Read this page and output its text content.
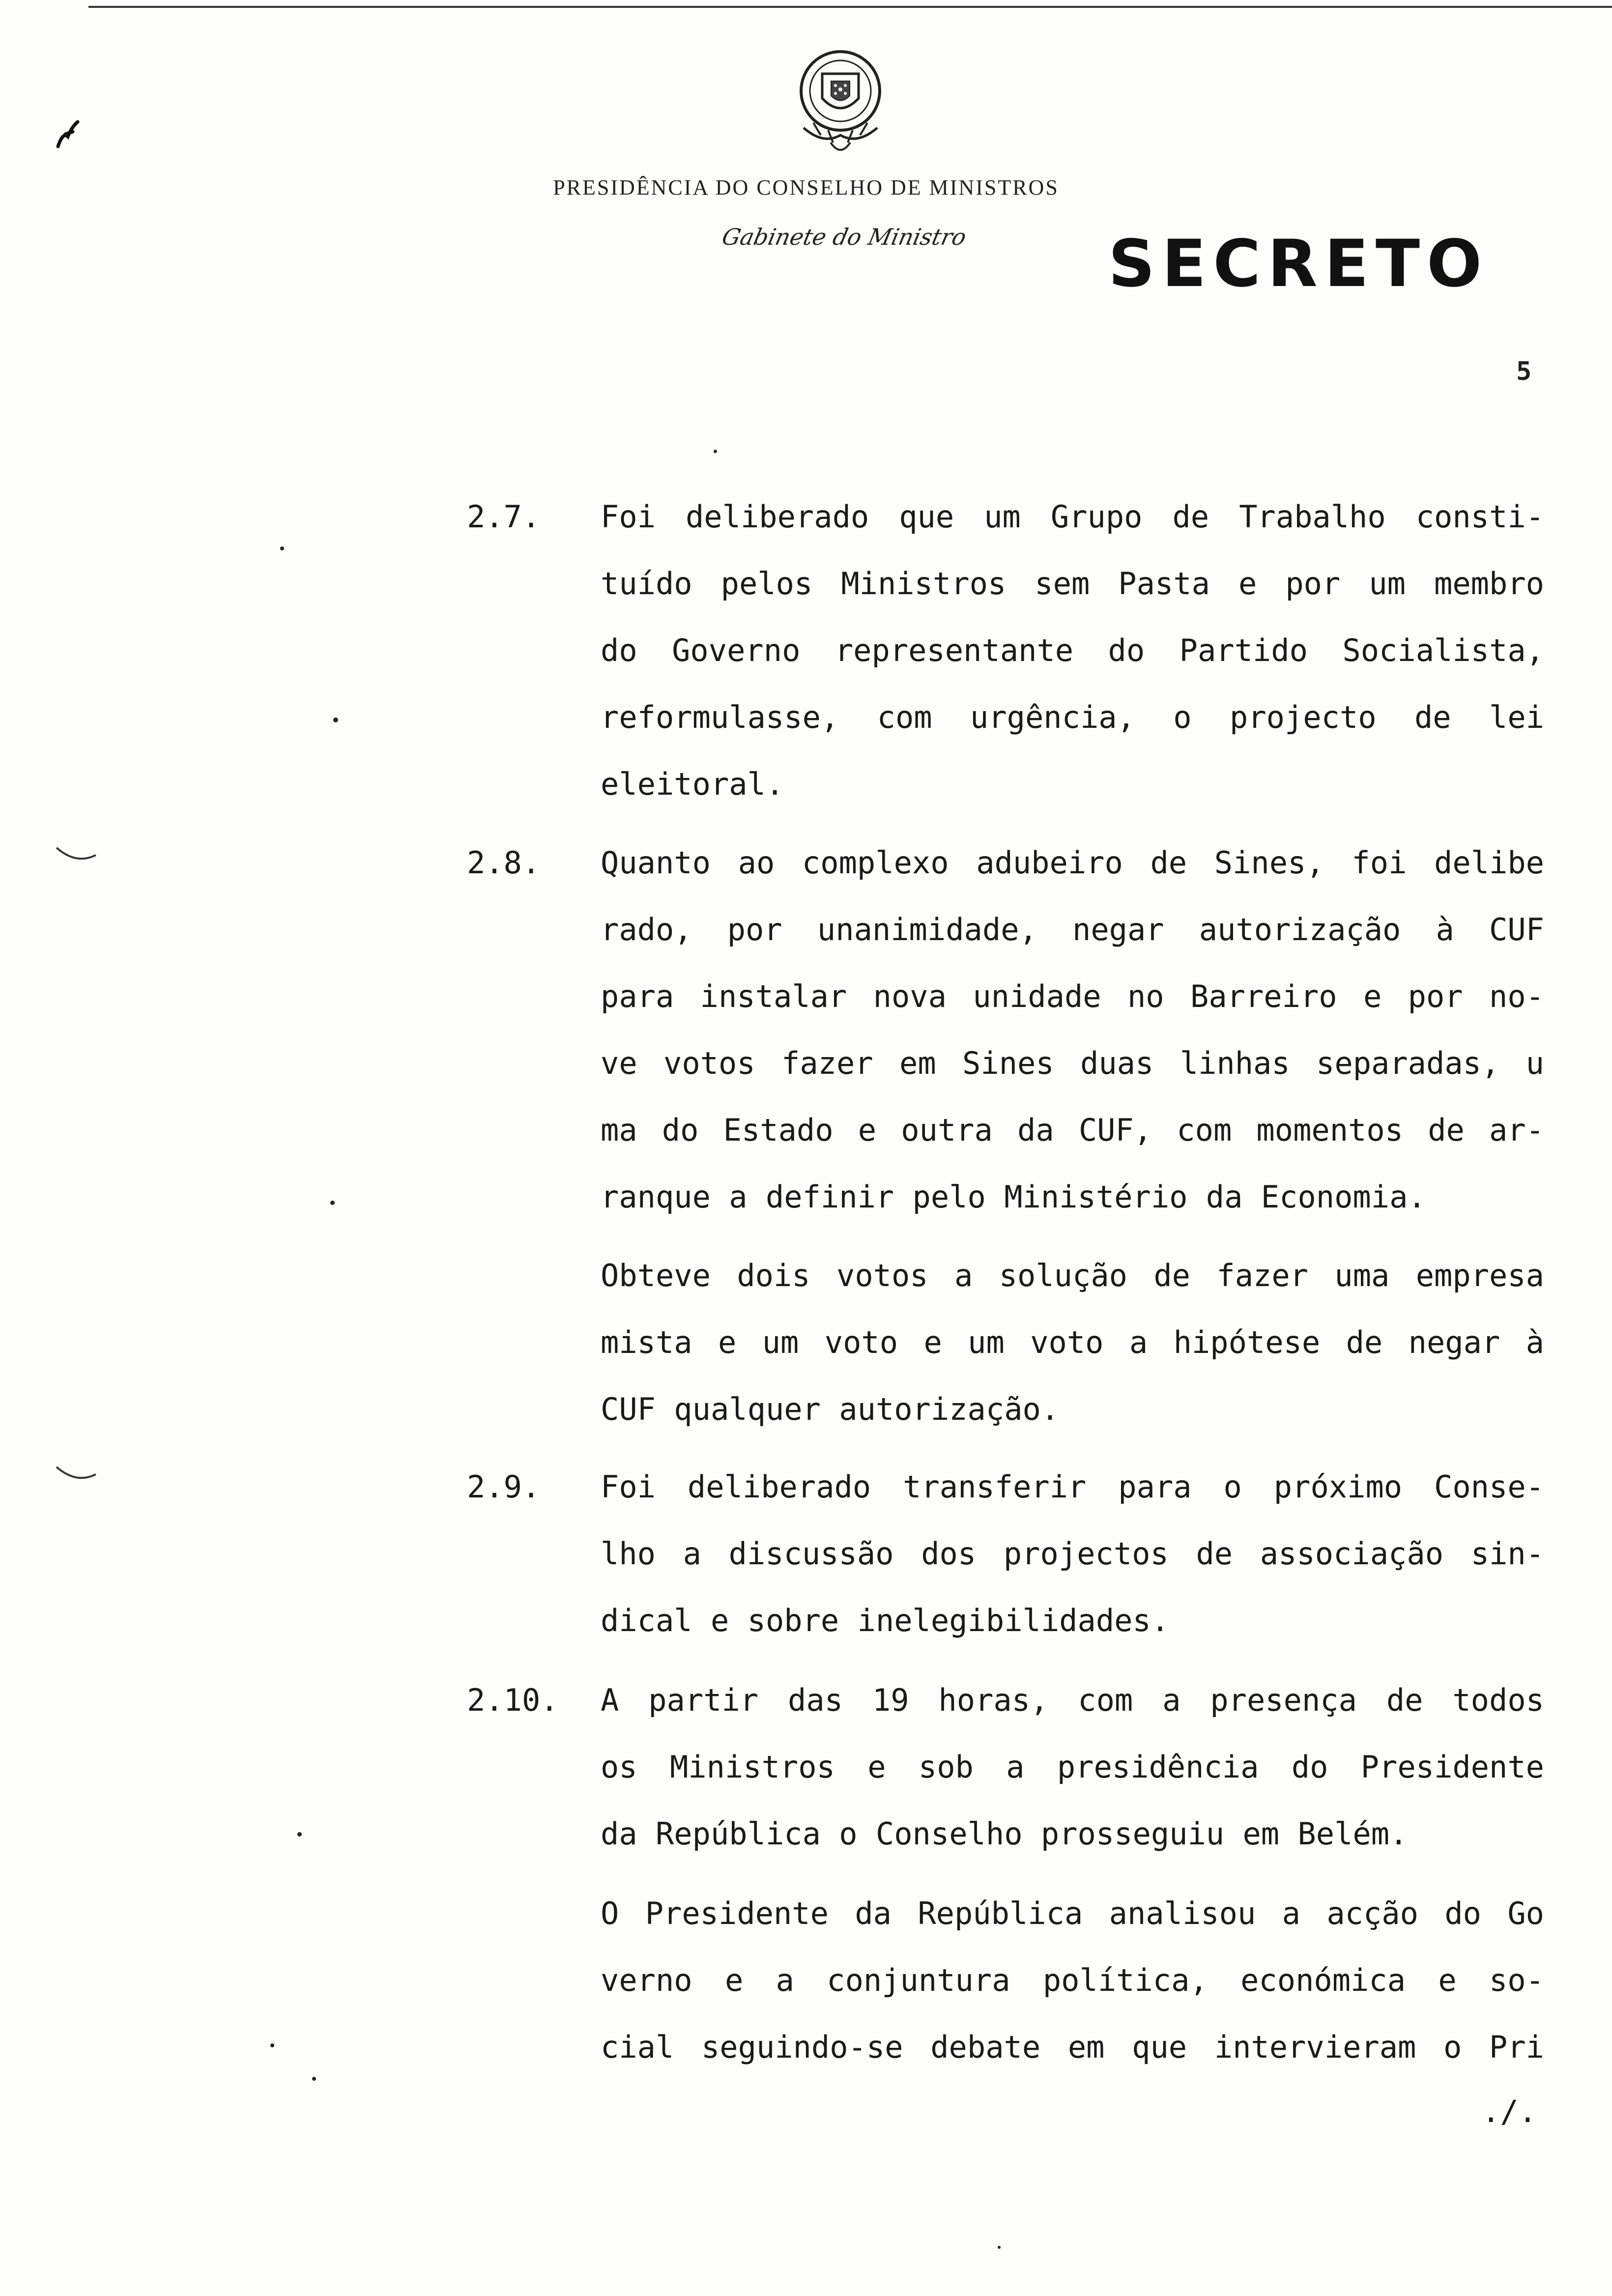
PRESIDÊNCIA DO CONSELHO DE MINISTROS
Gabinete do Ministro SECRETO
5
2.7. Foi deliberado que um Grupo de Trabalho consti-
tuído pelos Ministros sem Pasta e por um membro
do Governo representante do Partido Socialista,
reformulasse, com urgência, o projecto de lei
eleitoral.
2.8. Quanto ao complexo adubeiro de Sines, foi delibe
rado, por unanimidade, negar autorização à CUF
para instalar nova unidade no Barreiro e por no-
ve votos fazer em Sines duas linhas separadas, u
ma do Estado e outra da CUF, com momentos de ar-
ranque a definir pelo Ministério da Economia.
Obteve dois votos a solução de fazer uma empresa
mista e um voto e um voto a hipótese de negar à
CUF qualquer autorização.
2.9. Foi deliberado transferir para o próximo Conse-
lho a discussão dos projectos de associação sin-
dical e sobre inelegibilidades.
2.10. A partir das 19 horas, com a presença de todos
os Ministros e sob a presidência do Presidente
da República o Conselho prosseguiu em Belém.
O Presidente da República analisou a acção do Go
verno e a conjuntura política, económica e so-
cial seguindo-se debate em que intervieram o Pri
./.
